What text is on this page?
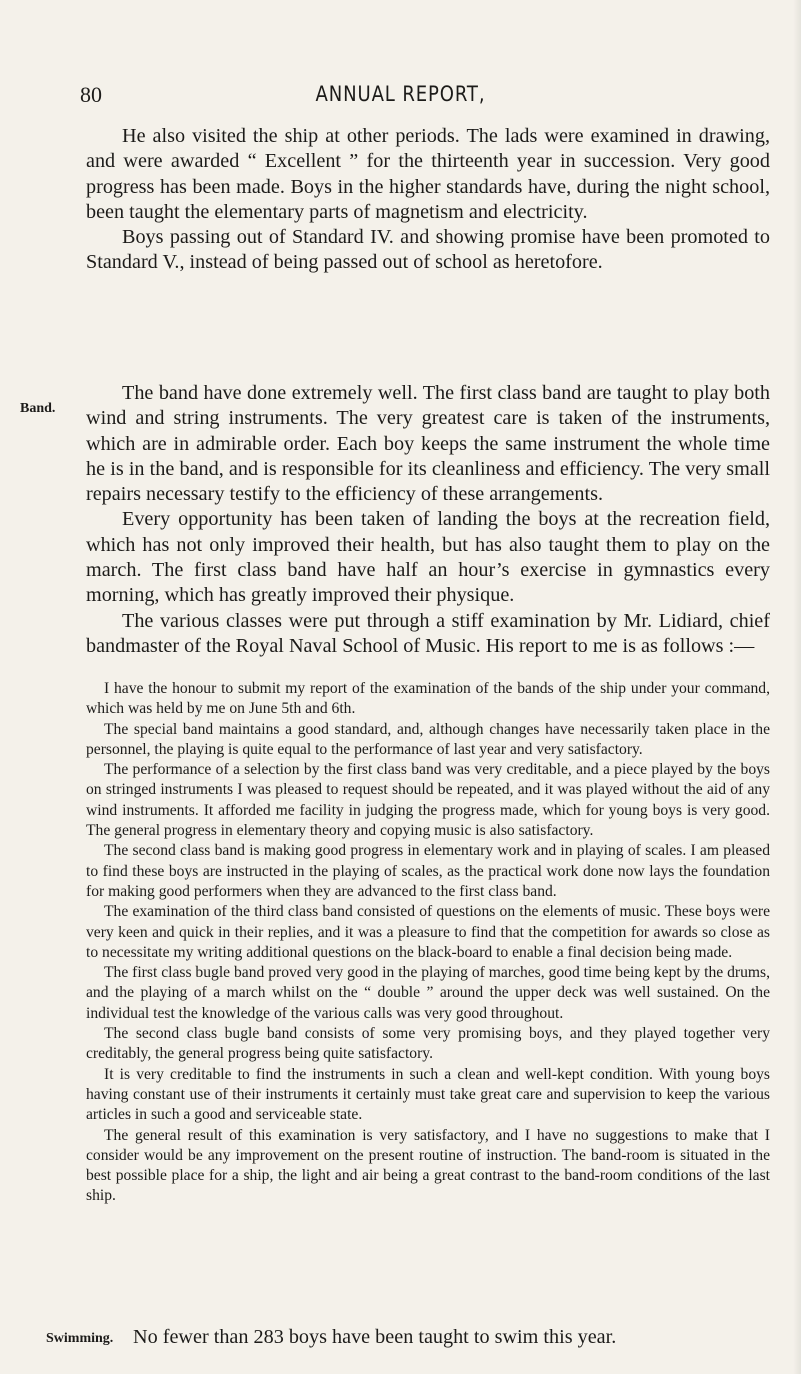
80	ANNUAL REPORT,

He also visited the ship at other periods. The lads were examined in drawing, and were awarded “ Excellent ” for the thirteenth year in succession. Very good progress has been made. Boys in the higher standards have, during the night school, been taught the elementary parts of magnetism and electricity.

Boys passing out of Standard IV. and showing promise have been promoted to Standard V., instead of being passed out of school as heretofore.

Band.

The band have done extremely well. The first class band are taught to play both wind and string instruments. The very greatest care is taken of the instruments, which are in admirable order. Each boy keeps the same instrument the whole time he is in the band, and is responsible for its cleanliness and efficiency. The very small repairs necessary testify to the efficiency of these arrangements.

Every opportunity has been taken of landing the boys at the recreation field, which has not only improved their health, but has also taught them to play on the march. The first class band have half an hour’s exercise in gymnastics every morning, which has greatly improved their physique.

The various classes were put through a stiff examination by Mr. Lidiard, chief bandmaster of the Royal Naval School of Music. His report to me is as follows :—

I have the honour to submit my report of the examination of the bands of the ship under your command, which was held by me on June 5th and 6th.

The special band maintains a good standard, and, although changes have necessarily taken place in the personnel, the playing is quite equal to the performance of last year and very satisfactory.

The performance of a selection by the first class band was very creditable, and a piece played by the boys on stringed instruments I was pleased to request should be repeated, and it was played without the aid of any wind instruments. It afforded me facility in judging the progress made, which for young boys is very good. The general progress in elementary theory and copying music is also satisfactory.

The second class band is making good progress in elementary work and in playing of scales. I am pleased to find these boys are instructed in the playing of scales, as the practical work done now lays the foundation for making good performers when they are advanced to the first class band.

The examination of the third class band consisted of questions on the elements of music. These boys were very keen and quick in their replies, and it was a pleasure to find that the competition for awards so close as to necessitate my writing additional questions on the black-board to enable a final decision being made.

The first class bugle band proved very good in the playing of marches, good time being kept by the drums, and the playing of a march whilst on the “ double ” around the upper deck was well sustained. On the individual test the knowledge of the various calls was very good throughout.

The second class bugle band consists of some very promising boys, and they played together very creditably, the general progress being quite satisfactory.

It is very creditable to find the instruments in such a clean and well-kept condition. With young boys having constant use of their instruments it certainly must take great care and supervision to keep the various articles in such a good and serviceable state.

The general result of this examination is very satisfactory, and I have no suggestions to make that I consider would be any improvement on the present routine of instruction. The band-room is situated in the best possible place for a ship, the light and air being a great contrast to the band-room conditions of the last ship.

Swimming. No fewer than 283 boys have been taught to swim this year.
